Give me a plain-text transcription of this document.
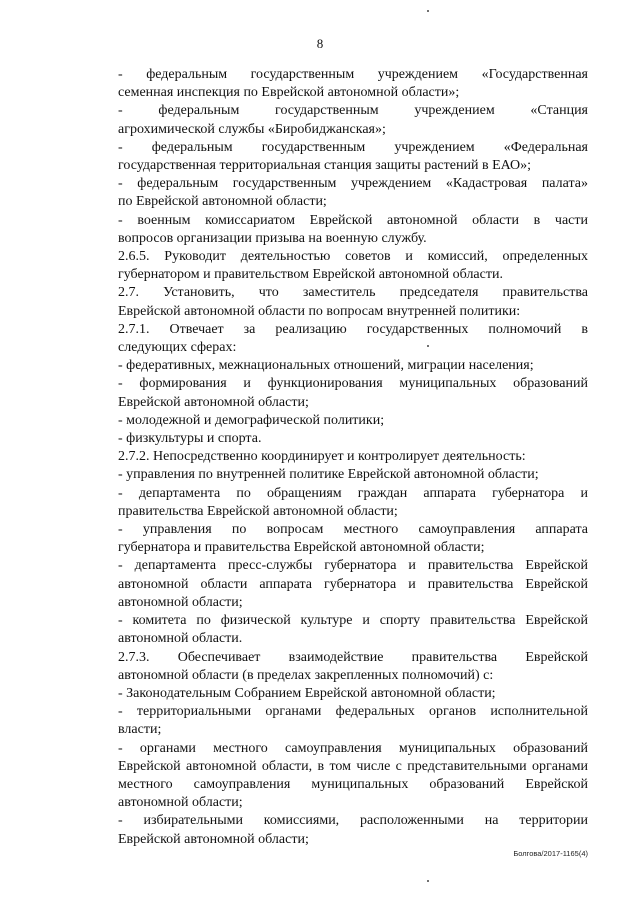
8
- федеральным государственным учреждением «Государственная
семенная инспекция по Еврейской автономной области»;
- федеральным государственным учреждением «Станция
агрохимической службы «Биробиджанская»;
- федеральным государственным учреждением «Федеральная
государственная территориальная станция защиты растений в ЕАО»;
- федеральным государственным учреждением «Кадастровая палата»
по Еврейской автономной области;
- военным комиссариатом Еврейской автономной области в части
вопросов организации призыва на военную службу.
2.6.5. Руководит деятельностью советов и комиссий, определенных
губернатором и правительством Еврейской автономной области.
2.7. Установить, что заместитель председателя правительства
Еврейской автономной области по вопросам внутренней политики:
2.7.1. Отвечает за реализацию государственных полномочий в
следующих сферах:
- федеративных, межнациональных отношений, миграции населения;
- формирования и функционирования муниципальных образований
Еврейской автономной области;
- молодежной и демографической политики;
- физкультуры и спорта.
2.7.2. Непосредственно координирует и контролирует деятельность:
- управления по внутренней политике Еврейской автономной области;
- департамента по обращениям граждан аппарата губернатора и
правительства Еврейской автономной области;
- управления по вопросам местного самоуправления аппарата
губернатора и правительства Еврейской автономной области;
- департамента пресс-службы губернатора и правительства Еврейской
автономной области аппарата губернатора и правительства Еврейской
автономной области;
- комитета по физической культуре и спорту правительства Еврейской
автономной области.
2.7.3. Обеспечивает взаимодействие правительства Еврейской
автономной области (в пределах закрепленных полномочий) с:
- Законодательным Собранием Еврейской автономной области;
- территориальными органами федеральных органов исполнительной
власти;
- органами местного самоуправления муниципальных образований
Еврейской автономной области, в том числе с представительными органами
местного самоуправления муниципальных образований Еврейской
автономной области;
- избирательными комиссиями, расположенными на территории
Еврейской автономной области;
Болгова/2017-1165(4)
